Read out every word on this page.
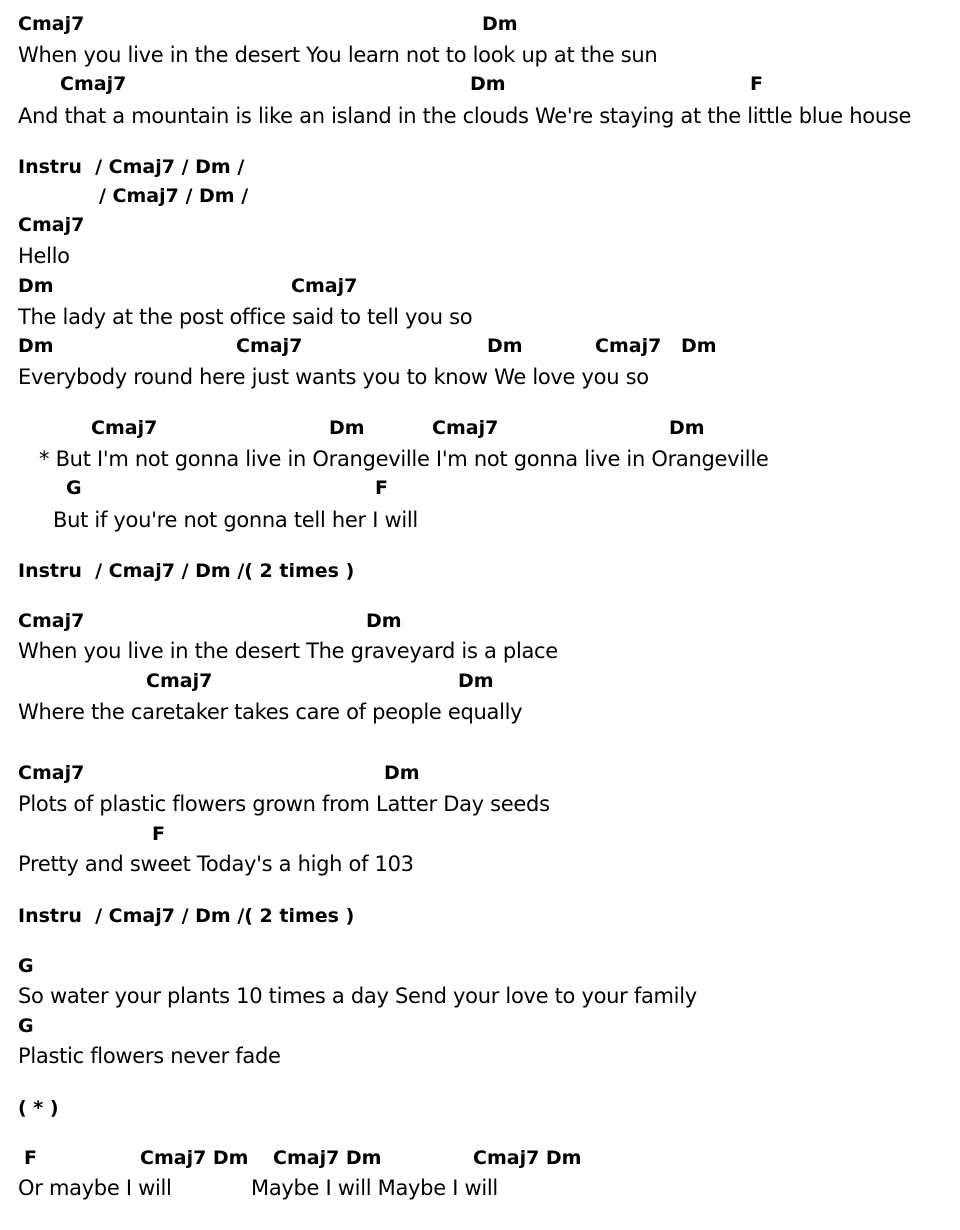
Cmaj7	Dm
When you live in the desert You learn not to look up at the sun
Cmaj7	Dm	F
And that a mountain is like an island in the clouds We're staying at the little blue house
Instru  / Cmaj7 / Dm /
/ Cmaj7 / Dm /
Cmaj7
Hello
Dm	Cmaj7
The lady at the post office said to tell you so
Dm	Cmaj7	Dm	Cmaj7 Dm
Everybody round here just wants you to know We love you so
Cmaj7	Dm	Cmaj7	Dm
* But I'm not gonna live in Orangeville I'm not gonna live in Orangeville
G	F
But if you're not gonna tell her I will
Instru  / Cmaj7 / Dm /( 2 times )
Cmaj7	Dm
When you live in the desert The graveyard is a place
Cmaj7	Dm
Where the caretaker takes care of people equally
Cmaj7	Dm
Plots of plastic flowers grown from Latter Day seeds
F
Pretty and sweet Today's a high of 103
Instru  / Cmaj7 / Dm /( 2 times )
G
So water your plants 10 times a day Send your love to your family
G
Plastic flowers never fade
( * )
F	Cmaj7 Dm Cmaj7 Dm	Cmaj7 Dm
Or maybe I will	Maybe I will Maybe I will
